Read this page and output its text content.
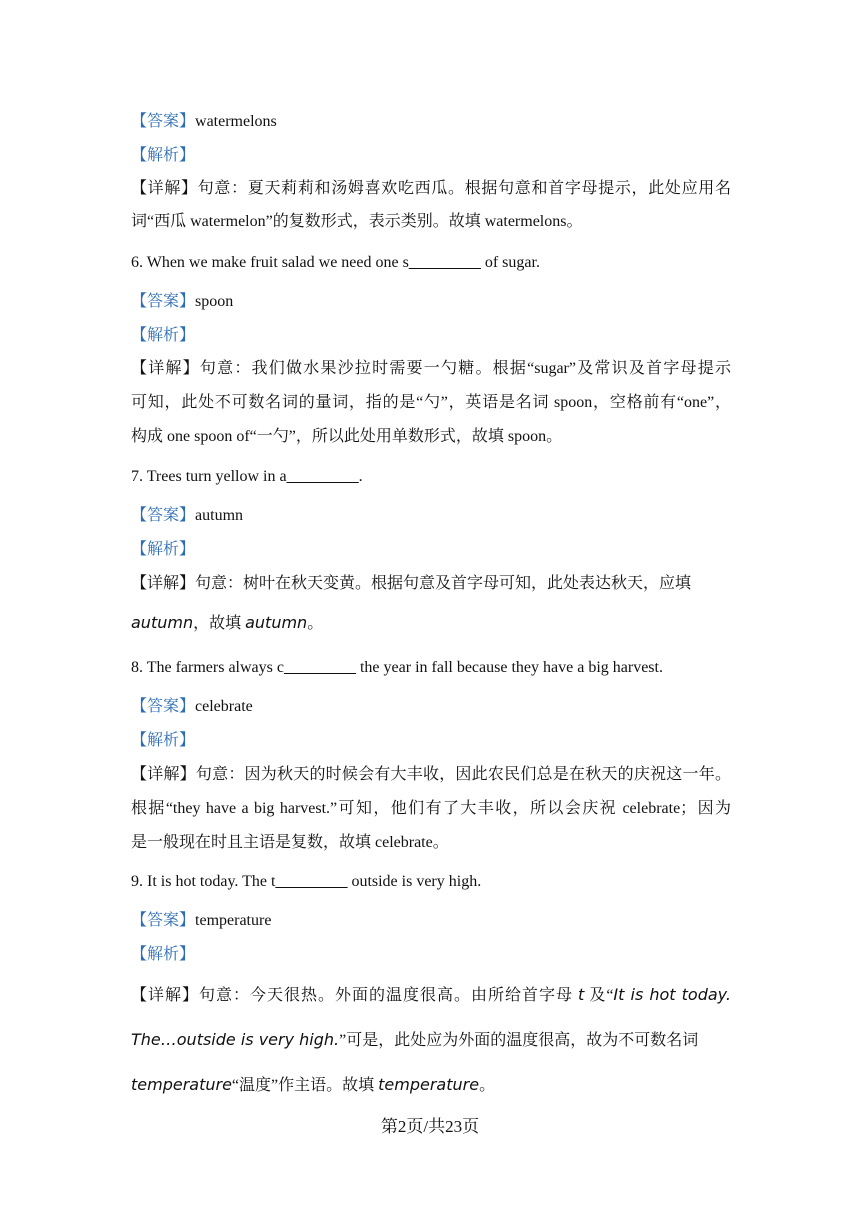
【答案】watermelons
【解析】
【详解】句意：夏天莉莉和汤姆喜欢吃西瓜。根据句意和首字母提示，此处应用名
词“西瓜 watermelon”的复数形式，表示类别。故填 watermelons。
6. When we make fruit salad we need one s_________ of sugar.
【答案】spoon
【解析】
【详解】句意：我们做水果沙拉时需要一勺糖。根据“sugar”及常识及首字母提示
可知，此处不可数名词的量词，指的是“勺”，英语是名词 spoon，空格前有“one”，
构成 one spoon of“一勺”，所以此处用单数形式，故填 spoon。
7. Trees turn yellow in a_________.
【答案】autumn
【解析】
【详解】句意：树叶在秋天变黄。根据句意及首字母可知，此处表达秋天，应填
autumn，故填 autumn。
8. The farmers always c_________ the year in fall because they have a big harvest.
【答案】celebrate
【解析】
【详解】句意：因为秋天的时候会有大丰收，因此农民们总是在秋天的庆祝这一年。
根据“they have a big harvest.”可知，他们有了大丰收，所以会庆祝 celebrate；因为
是一般现在时且主语是复数，故填 celebrate。
9. It is hot today. The t_________ outside is very high.
【答案】temperature
【解析】
【详解】句意：今天很热。外面的温度很高。由所给首字母 t 及“It is hot today.
The…outside is very high.”可是，此处应为外面的温度很高，故为不可数名词
temperature“温度”作主语。故填 temperature。
第2页/共23页
